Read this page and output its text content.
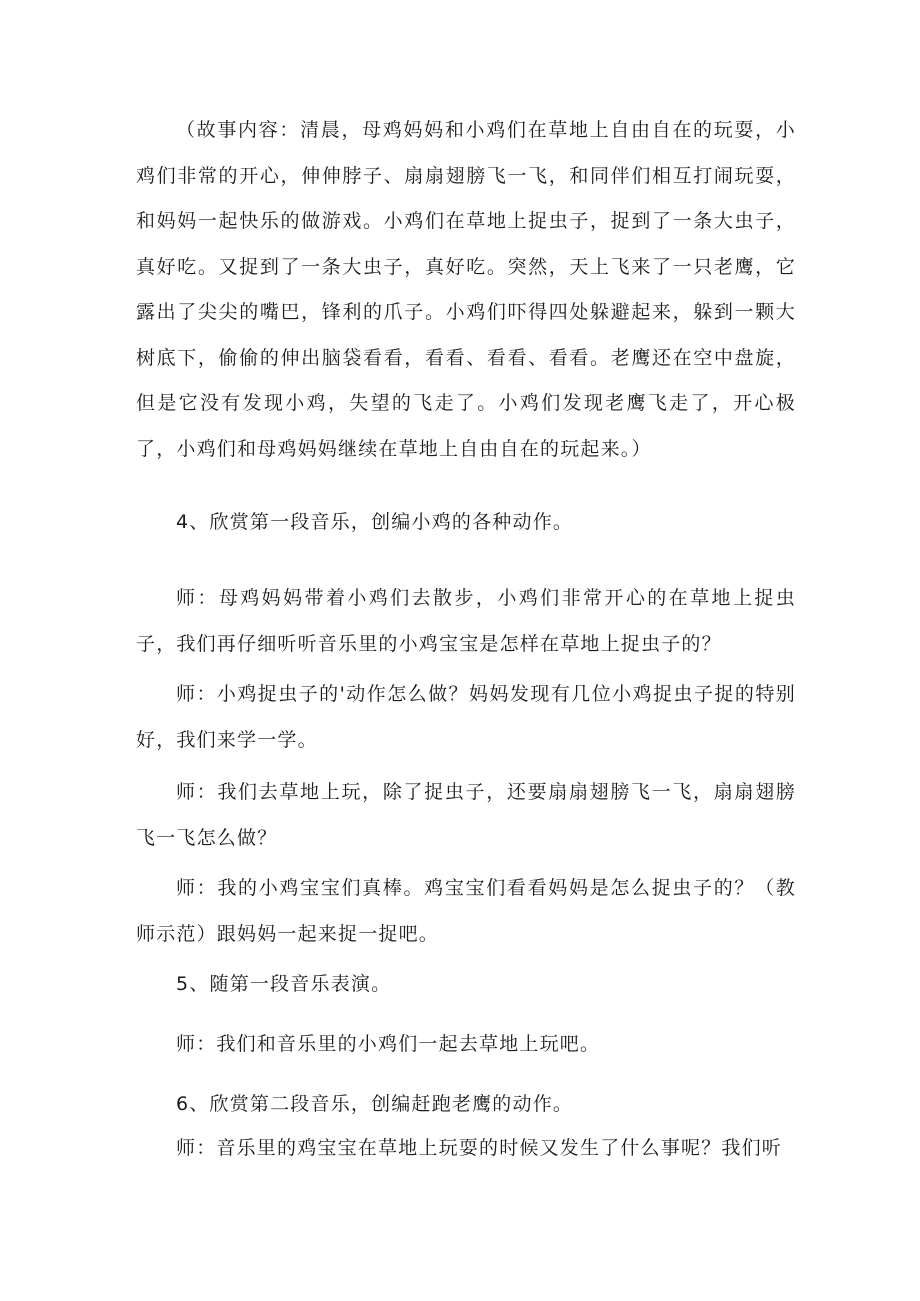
（故事内容：清晨，母鸡妈妈和小鸡们在草地上自由自在的玩耍，小鸡们非常的开心，伸伸脖子、扇扇翅膀飞一飞，和同伴们相互打闹玩耍，和妈妈一起快乐的做游戏。小鸡们在草地上捉虫子，捉到了一条大虫子，真好吃。又捉到了一条大虫子，真好吃。突然，天上飞来了一只老鹰，它露出了尖尖的嘴巴，锋利的爪子。小鸡们吓得四处躲避起来，躲到一颗大树底下，偷偷的伸出脑袋看看，看看、看看、看看。老鹰还在空中盘旋，但是它没有发现小鸡，失望的飞走了。小鸡们发现老鹰飞走了，开心极了，小鸡们和母鸡妈妈继续在草地上自由自在的玩起来。）

4、欣赏第一段音乐，创编小鸡的各种动作。

师：母鸡妈妈带着小鸡们去散步，小鸡们非常开心的在草地上捉虫子，我们再仔细听听音乐里的小鸡宝宝是怎样在草地上捉虫子的？

师：小鸡捉虫子的'动作怎么做？妈妈发现有几位小鸡捉虫子捉的特别好，我们来学一学。

师：我们去草地上玩，除了捉虫子，还要扇扇翅膀飞一飞，扇扇翅膀飞一飞怎么做？

师：我的小鸡宝宝们真棒。鸡宝宝们看看妈妈是怎么捉虫子的？（教师示范）跟妈妈一起来捉一捉吧。

5、随第一段音乐表演。

师：我们和音乐里的小鸡们一起去草地上玩吧。

6、欣赏第二段音乐，创编赶跑老鹰的动作。

师：音乐里的鸡宝宝在草地上玩耍的时候又发生了什么事呢？我们听
